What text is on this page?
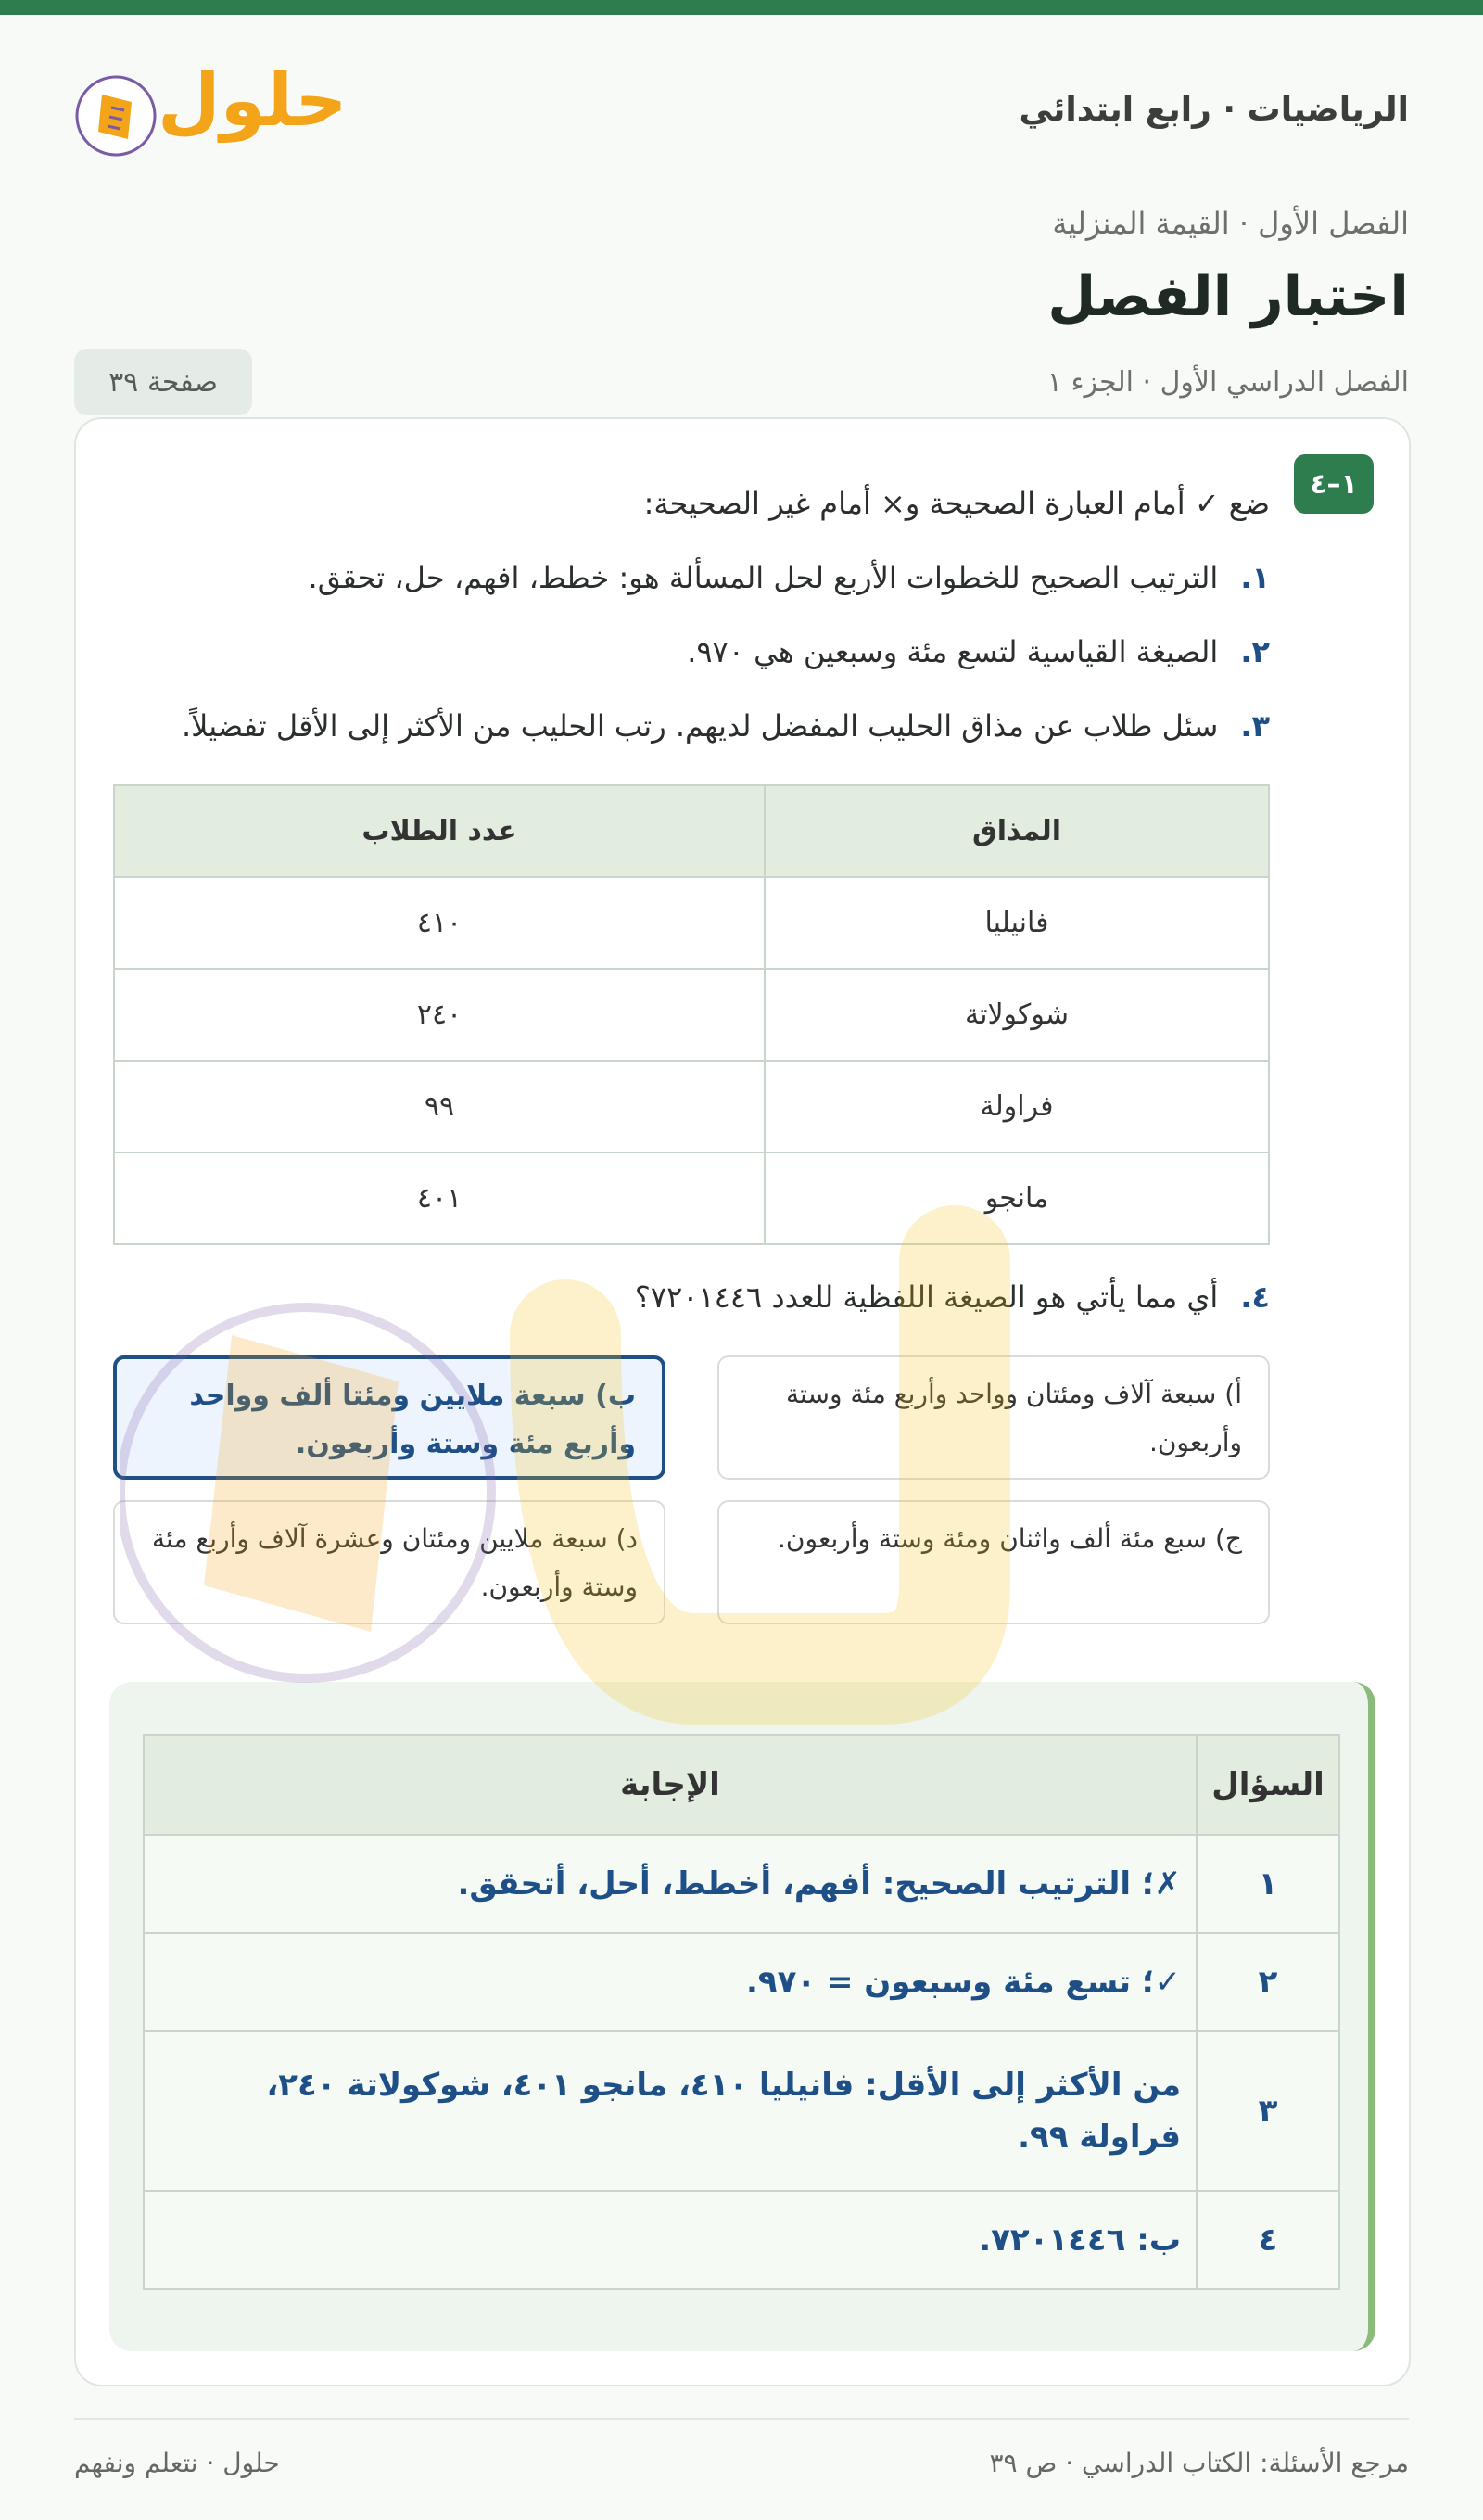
الرياضيات · رابع ابتدائي
حلول
الفصل الأول · القيمة المنزلية
اختبار الفصل
الفصل الدراسي الأول · الجزء ١
صفحة ٣٩
١–٤
ضع ✓ أمام العبارة الصحيحة و× أمام غير الصحيحة:
١.الترتيب الصحيح للخطوات الأربع لحل المسألة هو: خطط، افهم، حل، تحقق.
٢.الصيغة القياسية لتسع مئة وسبعين هي ٩٧٠.
٣.سئل طلاب عن مذاق الحليب المفضل لديهم. رتب الحليب من الأكثر إلى الأقل تفضيلاً.
المذاق	عدد الطلاب
فانيليا	٤١٠
شوكولاتة	٢٤٠
فراولة	٩٩
مانجو	٤٠١
٤.أي مما يأتي هو الصيغة اللفظية للعدد ٧٢٠١٤٤٦؟
أ) سبعة آلاف ومئتان وواحد وأربع مئة وستة وأربعون.
ب) سبعة ملايين ومئتا ألف وواحد وأربع مئة وستة وأربعون.
ج) سبع مئة ألف واثنان ومئة وستة وأربعون.
د) سبعة ملايين ومئتان وعشرة آلاف وأربع مئة وستة وأربعون.
السؤال	الإجابة
١	✗؛ الترتيب الصحيح: أفهم، أخطط، أحل، أتحقق.
٢	✓؛ تسع مئة وسبعون = ٩٧٠.
٣	من الأكثر إلى الأقل: فانيليا ٤١٠، مانجو ٤٠١، شوكولاتة ٢٤٠، فراولة ٩٩.
٤	ب: ٧٢٠١٤٤٦.
مرجع الأسئلة: الكتاب الدراسي · ص ٣٩
حلول · نتعلم ونفهم
